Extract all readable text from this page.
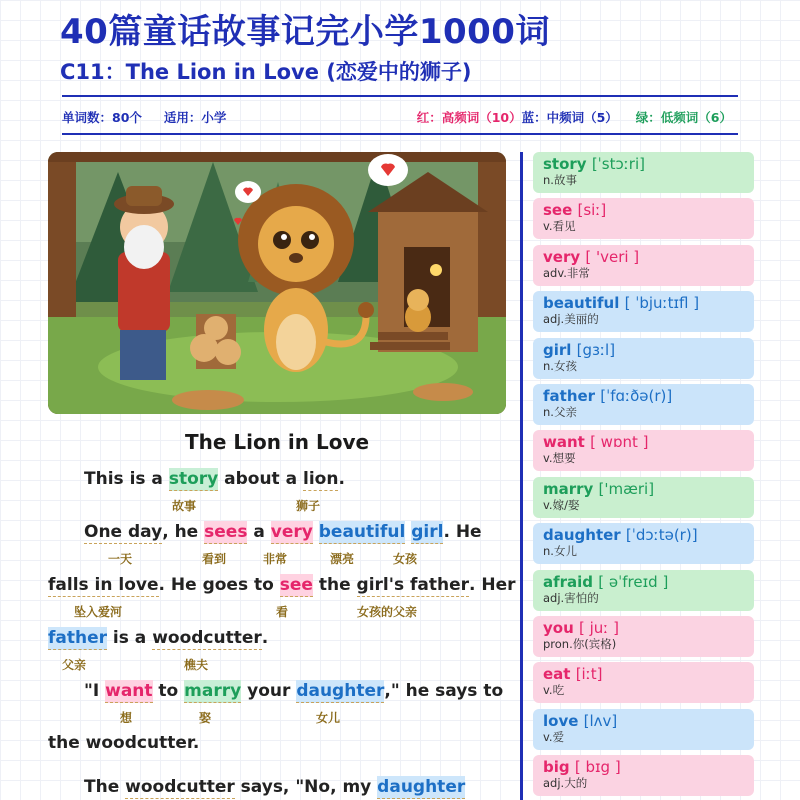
40篇童话故事记完小学1000词
C11：The Lion in Love (恋爱中的狮子)
单词数：80个 适用：小学	红：高频词（10）蓝：中频词（5） 绿：低频词（6）
The Lion in Love
This is a story about a lion.
故事	狮子
One day, he sees a very beautiful girl. He
一天	看到	非常	漂亮	女孩
falls in love. He goes to see the girl's father. Her
坠入爱河	看	女孩的父亲
father is a woodcutter.
父亲	樵夫
"I want to marry your daughter," he says to
想	娶	女儿
the woodcutter.
The woodcutter says, "No, my daughter
story [ˈstɔːri]
n.故事
see [siː]
v.看见
very [ 'veri ]
adv.非常
beautiful [ ˈbjuːtɪfl ]
adj.美丽的
girl [gɜːl]
n.女孩
father [ˈfɑːðə(r)]
n.父亲
want [ wɒnt ]
v.想要
marry ['mæri]
v.嫁/娶
daughter [ˈdɔːtə(r)]
n.女儿
afraid [ əˈfreɪd ]
adj.害怕的
you [ juː ]
pron.你(宾格)
eat [iːt]
v.吃
love [lʌv]
v.爱
big [ bɪg ]
adj.大的
